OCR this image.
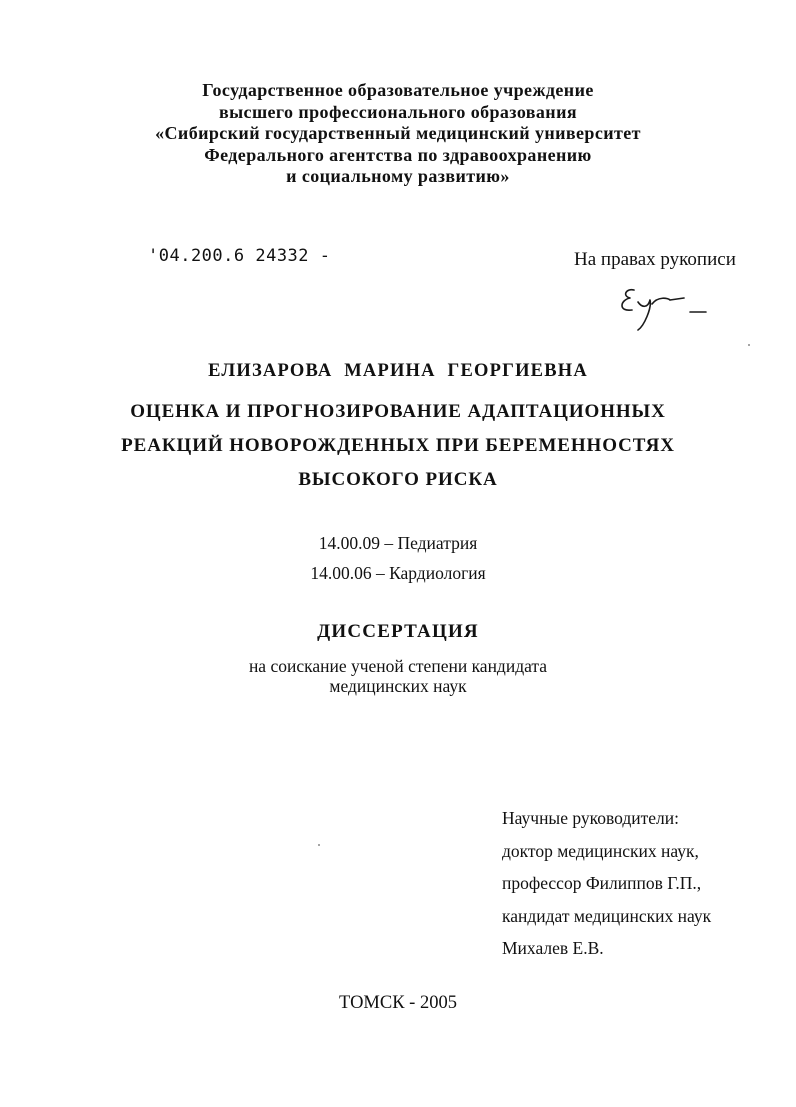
Государственное образовательное учреждение
высшего профессионального образования
«Сибирский государственный медицинский университет
Федерального агентства по здравоохранению
и социальному развитию»
'04.200.6 24332 -	На правах рукописи
ЕЛИЗАРОВА МАРИНА ГЕОРГИЕВНА
ОЦЕНКА И ПРОГНОЗИРОВАНИЕ АДАПТАЦИОННЫХ
РЕАКЦИЙ НОВОРОЖДЕННЫХ ПРИ БЕРЕМЕННОСТЯХ
ВЫСОКОГО РИСКА
14.00.09 – Педиатрия
14.00.06 – Кардиология
ДИССЕРТАЦИЯ
на соискание ученой степени кандидата
медицинских наук
Научные руководители:
доктор медицинских наук,
профессор Филиппов Г.П.,
кандидат медицинских наук
Михалев Е.В.
ТОМСК - 2005
